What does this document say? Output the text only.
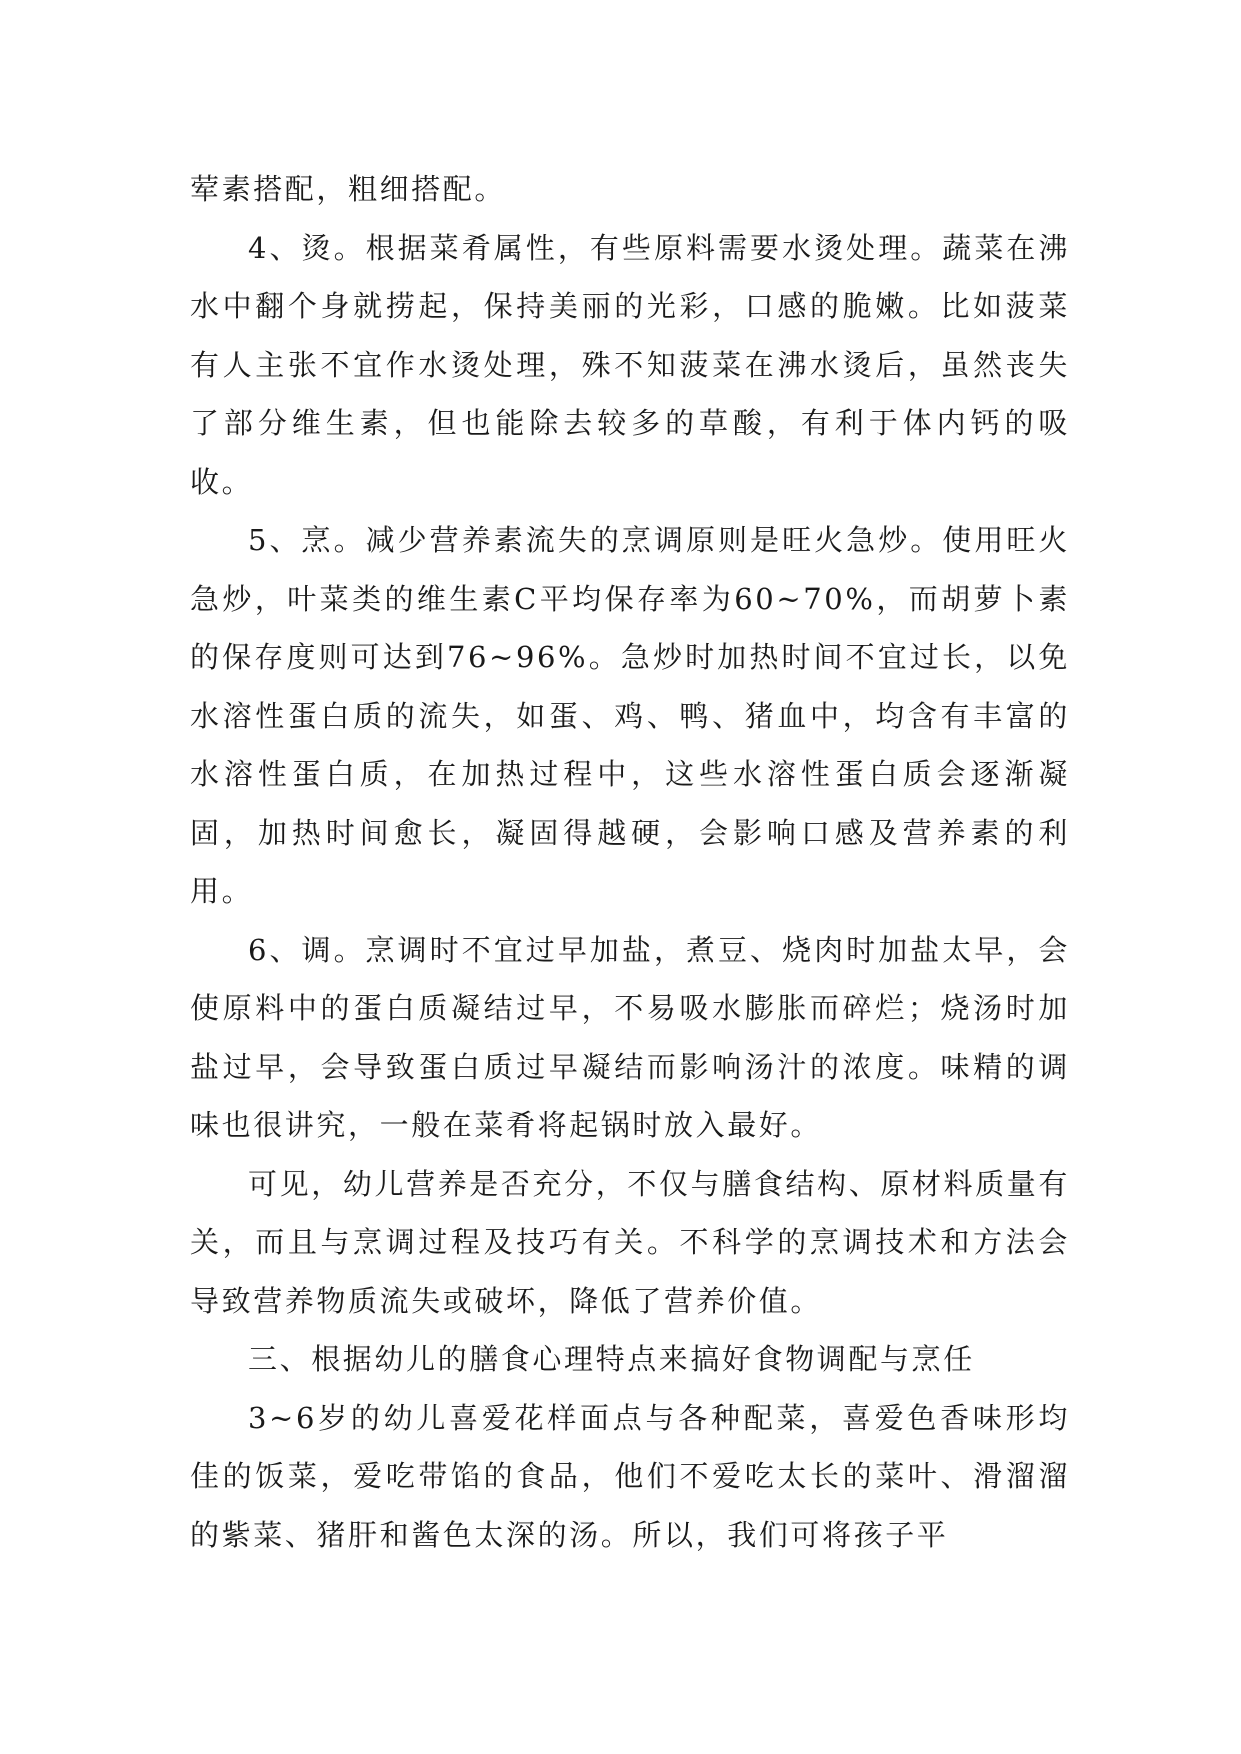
荤素搭配，粗细搭配。

4、烫。根据菜肴属性，有些原料需要水烫处理。蔬菜在沸水中翻个身就捞起，保持美丽的光彩，口感的脆嫩。比如菠菜有人主张不宜作水烫处理，殊不知菠菜在沸水烫后，虽然丧失了部分维生素，但也能除去较多的草酸，有利于体内钙的吸收。

5、烹。减少营养素流失的烹调原则是旺火急炒。使用旺火急炒，叶菜类的维生素C平均保存率为60~70%，而胡萝卜素的保存度则可达到76~96%。急炒时加热时间不宜过长，以免水溶性蛋白质的流失，如蛋、鸡、鸭、猪血中，均含有丰富的水溶性蛋白质，在加热过程中，这些水溶性蛋白质会逐渐凝固，加热时间愈长，凝固得越硬，会影响口感及营养素的利用。

6、调。烹调时不宜过早加盐，煮豆、烧肉时加盐太早，会使原料中的蛋白质凝结过早，不易吸水膨胀而碎烂；烧汤时加盐过早，会导致蛋白质过早凝结而影响汤汁的浓度。味精的调味也很讲究，一般在菜肴将起锅时放入最好。

可见，幼儿营养是否充分，不仅与膳食结构、原材料质量有关，而且与烹调过程及技巧有关。不科学的烹调技术和方法会导致营养物质流失或破坏，降低了营养价值。

三、根据幼儿的膳食心理特点来搞好食物调配与烹任

3~6岁的幼儿喜爱花样面点与各种配菜，喜爱色香味形均佳的饭菜，爱吃带馅的食品，他们不爱吃太长的菜叶、滑溜溜的紫菜、猪肝和酱色太深的汤。所以，我们可将孩子平
